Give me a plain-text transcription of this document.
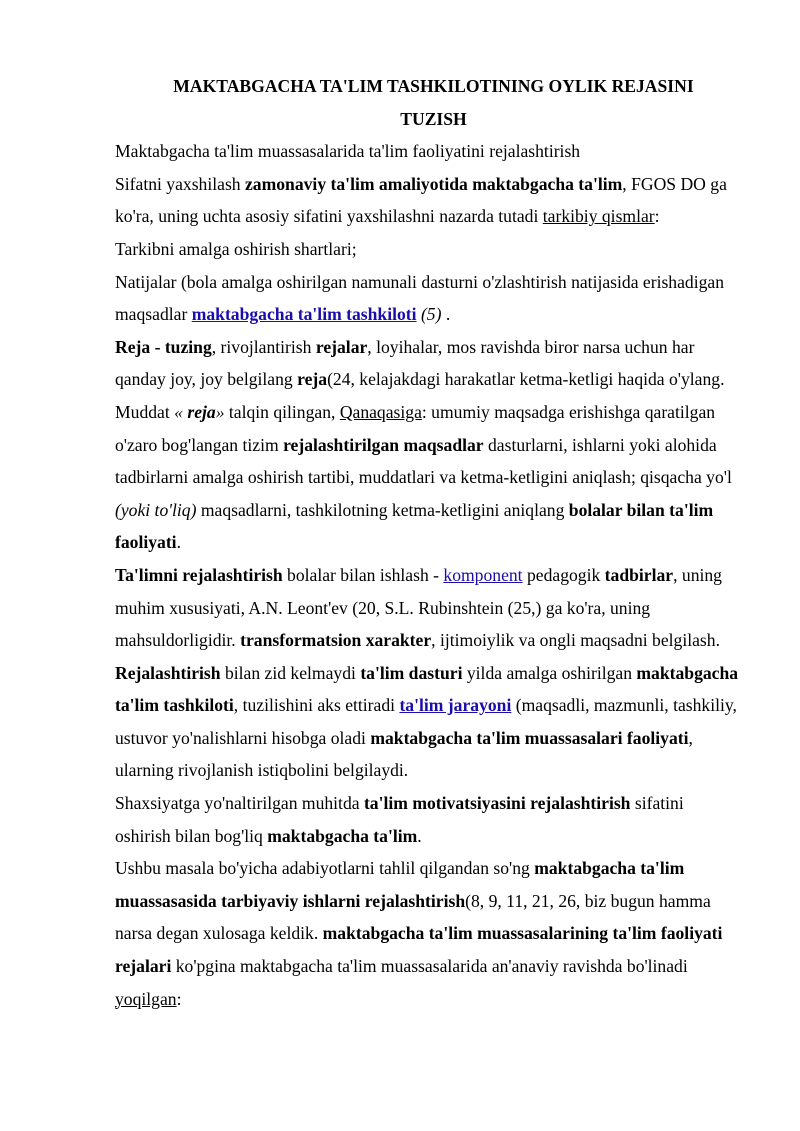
MAKTABGACHA TA'LIM TASHKILOTINING OYLIK REJASINI
TUZISH

Maktabgacha ta'lim muassasalarida ta'lim faoliyatini rejalashtirish

Sifatni yaxshilash zamonaviy ta'lim amaliyotida maktabgacha ta'lim, FGOS DO ga ko'ra, uning uchta asosiy sifatini yaxshilashni nazarda tutadi tarkibiy qismlar:

Tarkibni amalga oshirish shartlari;

Natijalar (bola amalga oshirilgan namunali dasturni o'zlashtirish natijasida erishadigan maqsadlar maktabgacha ta'lim tashkiloti (5) .

Reja - tuzing, rivojlantirish rejalar, loyihalar, mos ravishda biror narsa uchun har qanday joy, joy belgilang reja(24, kelajakdagi harakatlar ketma-ketligi haqida o'ylang. Muddat « reja» talqin qilingan, Qanaqasiga: umumiy maqsadga erishishga qaratilgan o'zaro bog'langan tizim rejalashtirilgan maqsadlar dasturlarni, ishlarni yoki alohida tadbirlarni amalga oshirish tartibi, muddatlari va ketma-ketligini aniqlash; qisqacha yo'l (yoki to'liq) maqsadlarni, tashkilotning ketma-ketligini aniqlang bolalar bilan ta'lim faoliyati.

Ta'limni rejalashtirish bolalar bilan ishlash - komponent pedagogik tadbirlar, uning muhim xususiyati, A.N. Leont'ev (20, S.L. Rubinshtein (25,) ga ko'ra, uning mahsuldorligidir. transformatsion xarakter, ijtimoiylik va ongli maqsadni belgilash. Rejalashtirish bilan zid kelmaydi ta'lim dasturi yilda amalga oshirilgan maktabgacha ta'lim tashkiloti, tuzilishini aks ettiradi ta'lim jarayoni (maqsadli, mazmunli, tashkiliy, ustuvor yo'nalishlarni hisobga oladi maktabgacha ta'lim muassasalari faoliyati, ularning rivojlanish istiqbolini belgilaydi.

Shaxsiyatga yo'naltirilgan muhitda ta'lim motivatsiyasini rejalashtirish sifatini oshirish bilan bog'liq maktabgacha ta'lim.

Ushbu masala bo'yicha adabiyotlarni tahlil qilgandan so'ng maktabgacha ta'lim muassasasida tarbiyaviy ishlarni rejalashtirish(8, 9, 11, 21, 26, biz bugun hamma narsa degan xulosaga keldik. maktabgacha ta'lim muassasalarining ta'lim faoliyati rejalari ko'pgina maktabgacha ta'lim muassasalarida an'anaviy ravishda bo'linadi yoqilgan:
